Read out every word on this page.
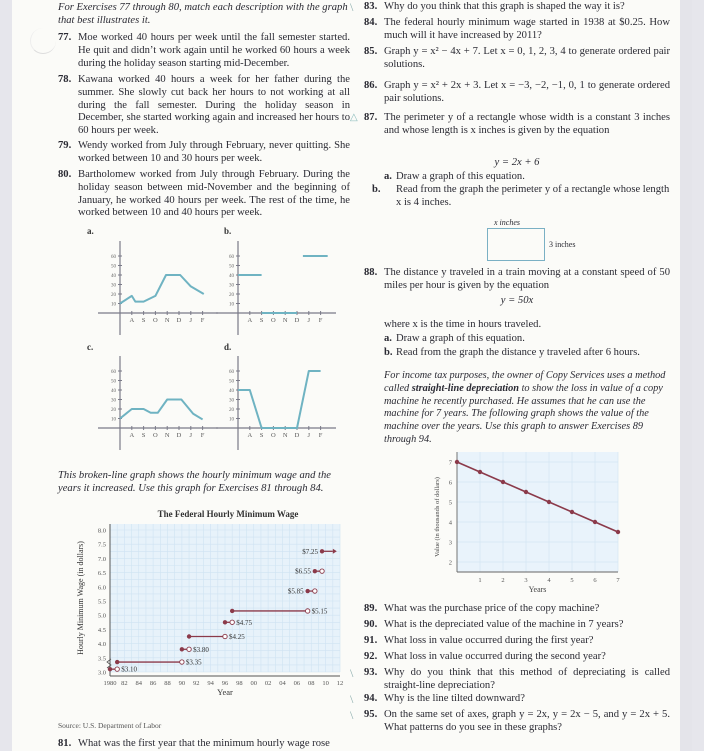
For Exercises 77 through 80, match each description with the graph that best illustrates it.
77. Moe worked 40 hours per week until the fall semester started. He quit and didn’t work again until he worked 60 hours a week during the holiday season starting mid-December.
78. Kawana worked 40 hours a week for her father during the summer. She slowly cut back her hours to not working at all during the fall semester. During the holiday season in December, she started working again and increased her hours to 60 hours per week.
79. Wendy worked from July through February, never quitting. She worked between 10 and 30 hours per week.
80. Bartholomew worked from July through February. During the holiday season between mid-November and the beginning of January, he worked 40 hours per week. The rest of the time, he worked between 10 and 40 hours per week.
a.
10
20
30
40
50
60
A S O N D J F
b.
10
20
30
40
50
60
A S O N D J F
c.
10
20
30
40
50
60
A S O N D J F
d.
10
20
30
40
50
60
A S O N D J F
This broken-line graph shows the hourly minimum wage and the years it increased. Use this graph for Exercises 81 through 84.
The Federal Hourly Minimum Wage
3.0
3.5
4.0
4.5
5.0
5.5
6.0
6.5
7.0
7.5
8.0
1980 82 84 86 88 90 92 94 96 98 00 02 04 06 08 10 12
Year
Hourly Minimum Wage (in dollars)
$3.10
$3.35
$3.80
$4.25
$4.75
$5.15
$5.85
$6.55
$7.25
Source: U.S. Department of Labor
81. What was the first year that the minimum hourly wage rose
\ 83. Why do you think that this graph is shaped the way it is?
84. The federal hourly minimum wage started in 1938 at $0.25. How much will it have increased by 2011?
85. Graph y = x² − 4x + 7. Let x = 0, 1, 2, 3, 4 to generate ordered pair solutions.
86. Graph y = x² + 2x + 3. Let x = −3, −2, −1, 0, 1 to generate ordered pair solutions.
△ 87. The perimeter y of a rectangle whose width is a constant 3 inches and whose length is x inches is given by the equation
y = 2x + 6
a. Draw a graph of this equation.
b. Read from the graph the perimeter y of a rectangle whose length x is 4 inches.
x inches
3 inches
88. The distance y traveled in a train moving at a constant speed of 50 miles per hour is given by the equation
y = 50x
where x is the time in hours traveled.
a. Draw a graph of this equation.
b. Read from the graph the distance y traveled after 6 hours.
For income tax purposes, the owner of Copy Services uses a method called straight-line depreciation to show the loss in value of a copy machine he recently purchased. He assumes that he can use the machine for 7 years. The following graph shows the value of the machine over the years. Use this graph to answer Exercises 89 through 94.
2
3
4
5
6
7
1	2	3	4	5	6	7
Years
Value (in thousands of dollars)
89. What was the purchase price of the copy machine?
90. What is the depreciated value of the machine in 7 years?
91. What loss in value occurred during the first year?
92. What loss in value occurred during the second year?
93. Why do you think that this method of depreciating is called straight-line depreciation?
\
94. Why is the line tilted downward?
\
95. On the same set of axes, graph y = 2x, y = 2x − 5, and y = 2x + 5. What patterns do you see in these graphs?
\
